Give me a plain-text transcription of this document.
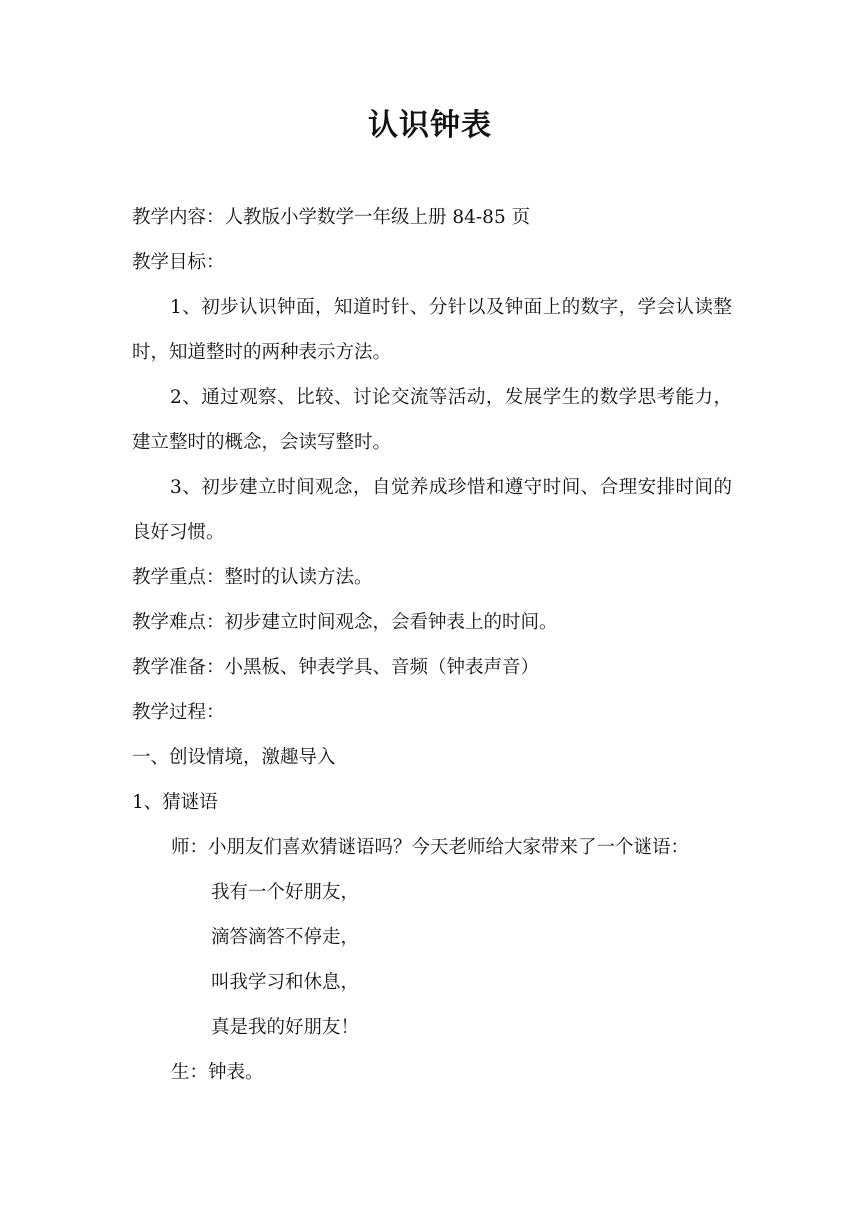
认识钟表
教学内容：人教版小学数学一年级上册 84-85 页
教学目标：
1、初步认识钟面，知道时针、分针以及钟面上的数字，学会认读整时，知道整时的两种表示方法。
2、通过观察、比较、讨论交流等活动，发展学生的数学思考能力，建立整时的概念，会读写整时。
3、初步建立时间观念，自觉养成珍惜和遵守时间、合理安排时间的良好习惯。
教学重点：整时的认读方法。
教学难点：初步建立时间观念，会看钟表上的时间。
教学准备：小黑板、钟表学具、音频（钟表声音）
教学过程：
一、创设情境，激趣导入
1、猜谜语
师：小朋友们喜欢猜谜语吗？今天老师给大家带来了一个谜语：
我有一个好朋友，
滴答滴答不停走，
叫我学习和休息，
真是我的好朋友！
生：钟表。
